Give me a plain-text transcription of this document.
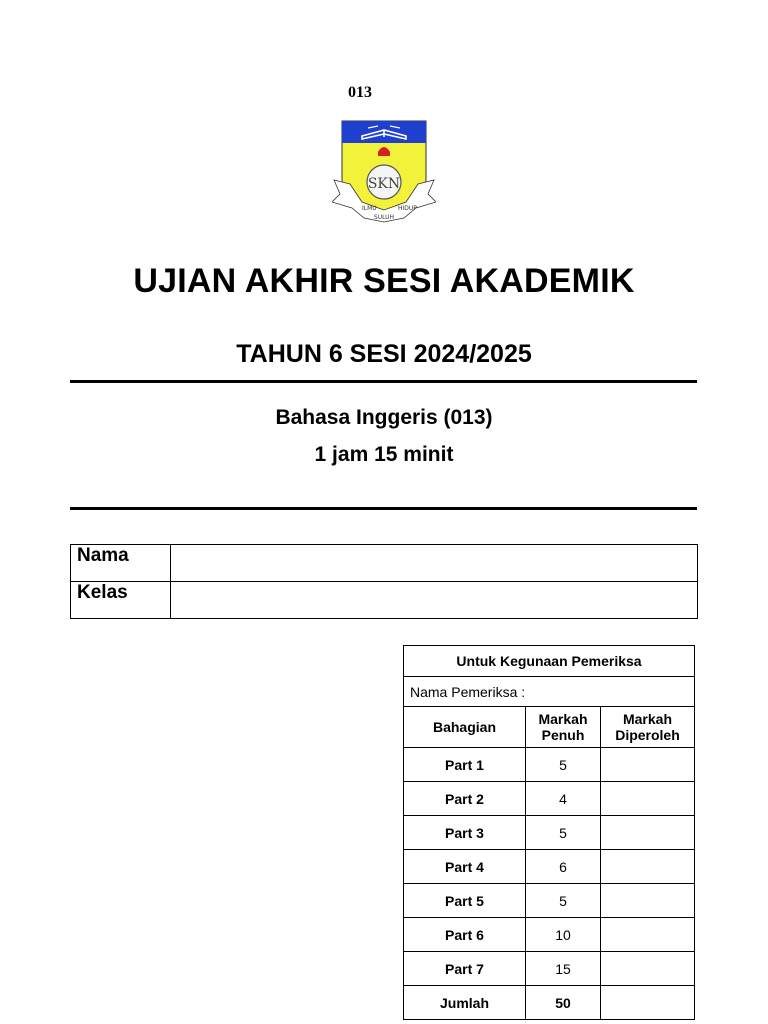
013
SKN
ILMU
SULUH
HIDUP
UJIAN AKHIR SESI AKADEMIK
TAHUN 6 SESI 2024/2025
Bahasa Inggeris (013)
1 jam 15 minit
Nama	
Kelas	
Untuk Kegunaan Pemeriksa		
Nama Pemeriksa :		
Bahagian	Markah Penuh	Markah Diperoleh
Part 1	5	
Part 2	4	
Part 3	5	
Part 4	6	
Part 5	5	
Part 6	10	
Part 7	15	
Jumlah	50	
